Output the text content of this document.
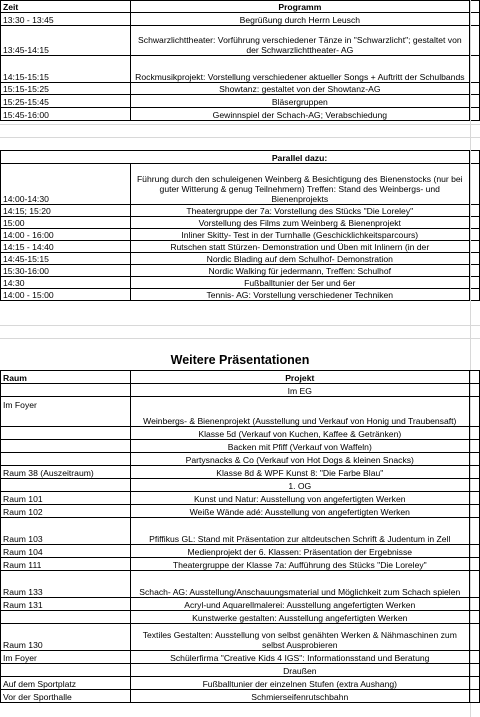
Zeit	Programm	
13:30 - 13:45	Begrüßung durch Herrn Leusch	
13:45-14:15	Schwarzlichttheater: Vorführung verschiedener Tänze in "Schwarzlicht"; gestaltet von der Schwarzlichttheater- AG	
14:15-15:15	Rockmusikprojekt: Vorstellung verschiedener aktueller Songs + Auftritt der Schulbands	
15:15-15:25	Showtanz: gestaltet von der Showtanz-AG	
15:25-15:45	Bläsergruppen	
15:45-16:00	Gewinnspiel der Schach-AG; Verabschiedung	
	Parallel dazu:	
14:00-14:30	Führung durch den schuleigenen Weinberg & Besichtigung des Bienenstocks (nur bei guter Witterung & genug Teilnehmern) Treffen: Stand des Weinbergs- und Bienenprojekts	
14:15; 15:20	Theatergruppe der 7a: Vorstellung des Stücks "Die Loreley"	
15:00	Vorstellung des Films zum Weinberg & Bienenprojekt	
14:00 - 16:00	Inliner Skitty- Test in der Turnhalle (Geschicklichkeitsparcours)	
14:15 - 14:40	Rutschen statt Stürzen- Demonstration und Üben mit Inlinern (in der	
14:45-15:15	Nordic Blading auf dem Schulhof- Demonstration	
15:30-16:00	Nordic Walking für jedermann, Treffen: Schulhof	
14:30	Fußballtunier der 5er und 6er	
14:00 - 15:00	Tennis- AG: Vorstellung verschiedener Techniken	
Weitere Präsentationen
Raum	Projekt	
	Im EG	
Im Foyer	Weinbergs- & Bienenprojekt (Ausstellung und Verkauf von Honig und Traubensaft)	
	Klasse 5d (Verkauf von Kuchen, Kaffee & Getränken)	
	Backen mit Pfiff (Verkauf von Waffeln)	
	Partysnacks & Co (Verkauf von Hot Dogs & kleinen Snacks)	
Raum 38 (Auszeitraum)	Klasse 8d & WPF Kunst 8: "Die Farbe Blau"	
	1. OG	
Raum 101	Kunst und Natur: Ausstellung von angefertigten Werken	
Raum 102	Weiße Wände adé: Ausstellung von angefertigten Werken	
Raum 103	Pfiffikus GL: Stand mit Präsentation zur altdeutschen Schrift & Judentum in Zell	
Raum 104	Medienprojekt der 6. Klassen: Präsentation der Ergebnisse	
Raum 111	Theatergruppe der Klasse 7a: Aufführung des Stücks "Die Loreley"	
Raum 133	Schach- AG: Ausstellung/Anschauungsmaterial und Möglichkeit zum Schach spielen	
Raum 131	Acryl-und Aquarellmalerei: Ausstellung angefertigten Werken	
	Kunstwerke gestalten: Ausstellung angefertigten Werken	
Raum 130	Textiles Gestalten: Ausstellung von selbst genähten Werken & Nähmaschinen zum selbst Ausprobieren	
Im Foyer	Schülerfirma "Creative Kids 4 IGS": Informationsstand und Beratung	
	Draußen	
Auf dem Sportplatz	Fußballtunier der einzelnen Stufen (extra Aushang)	
Vor der Sporthalle	Schmierseifenrutschbahn	
